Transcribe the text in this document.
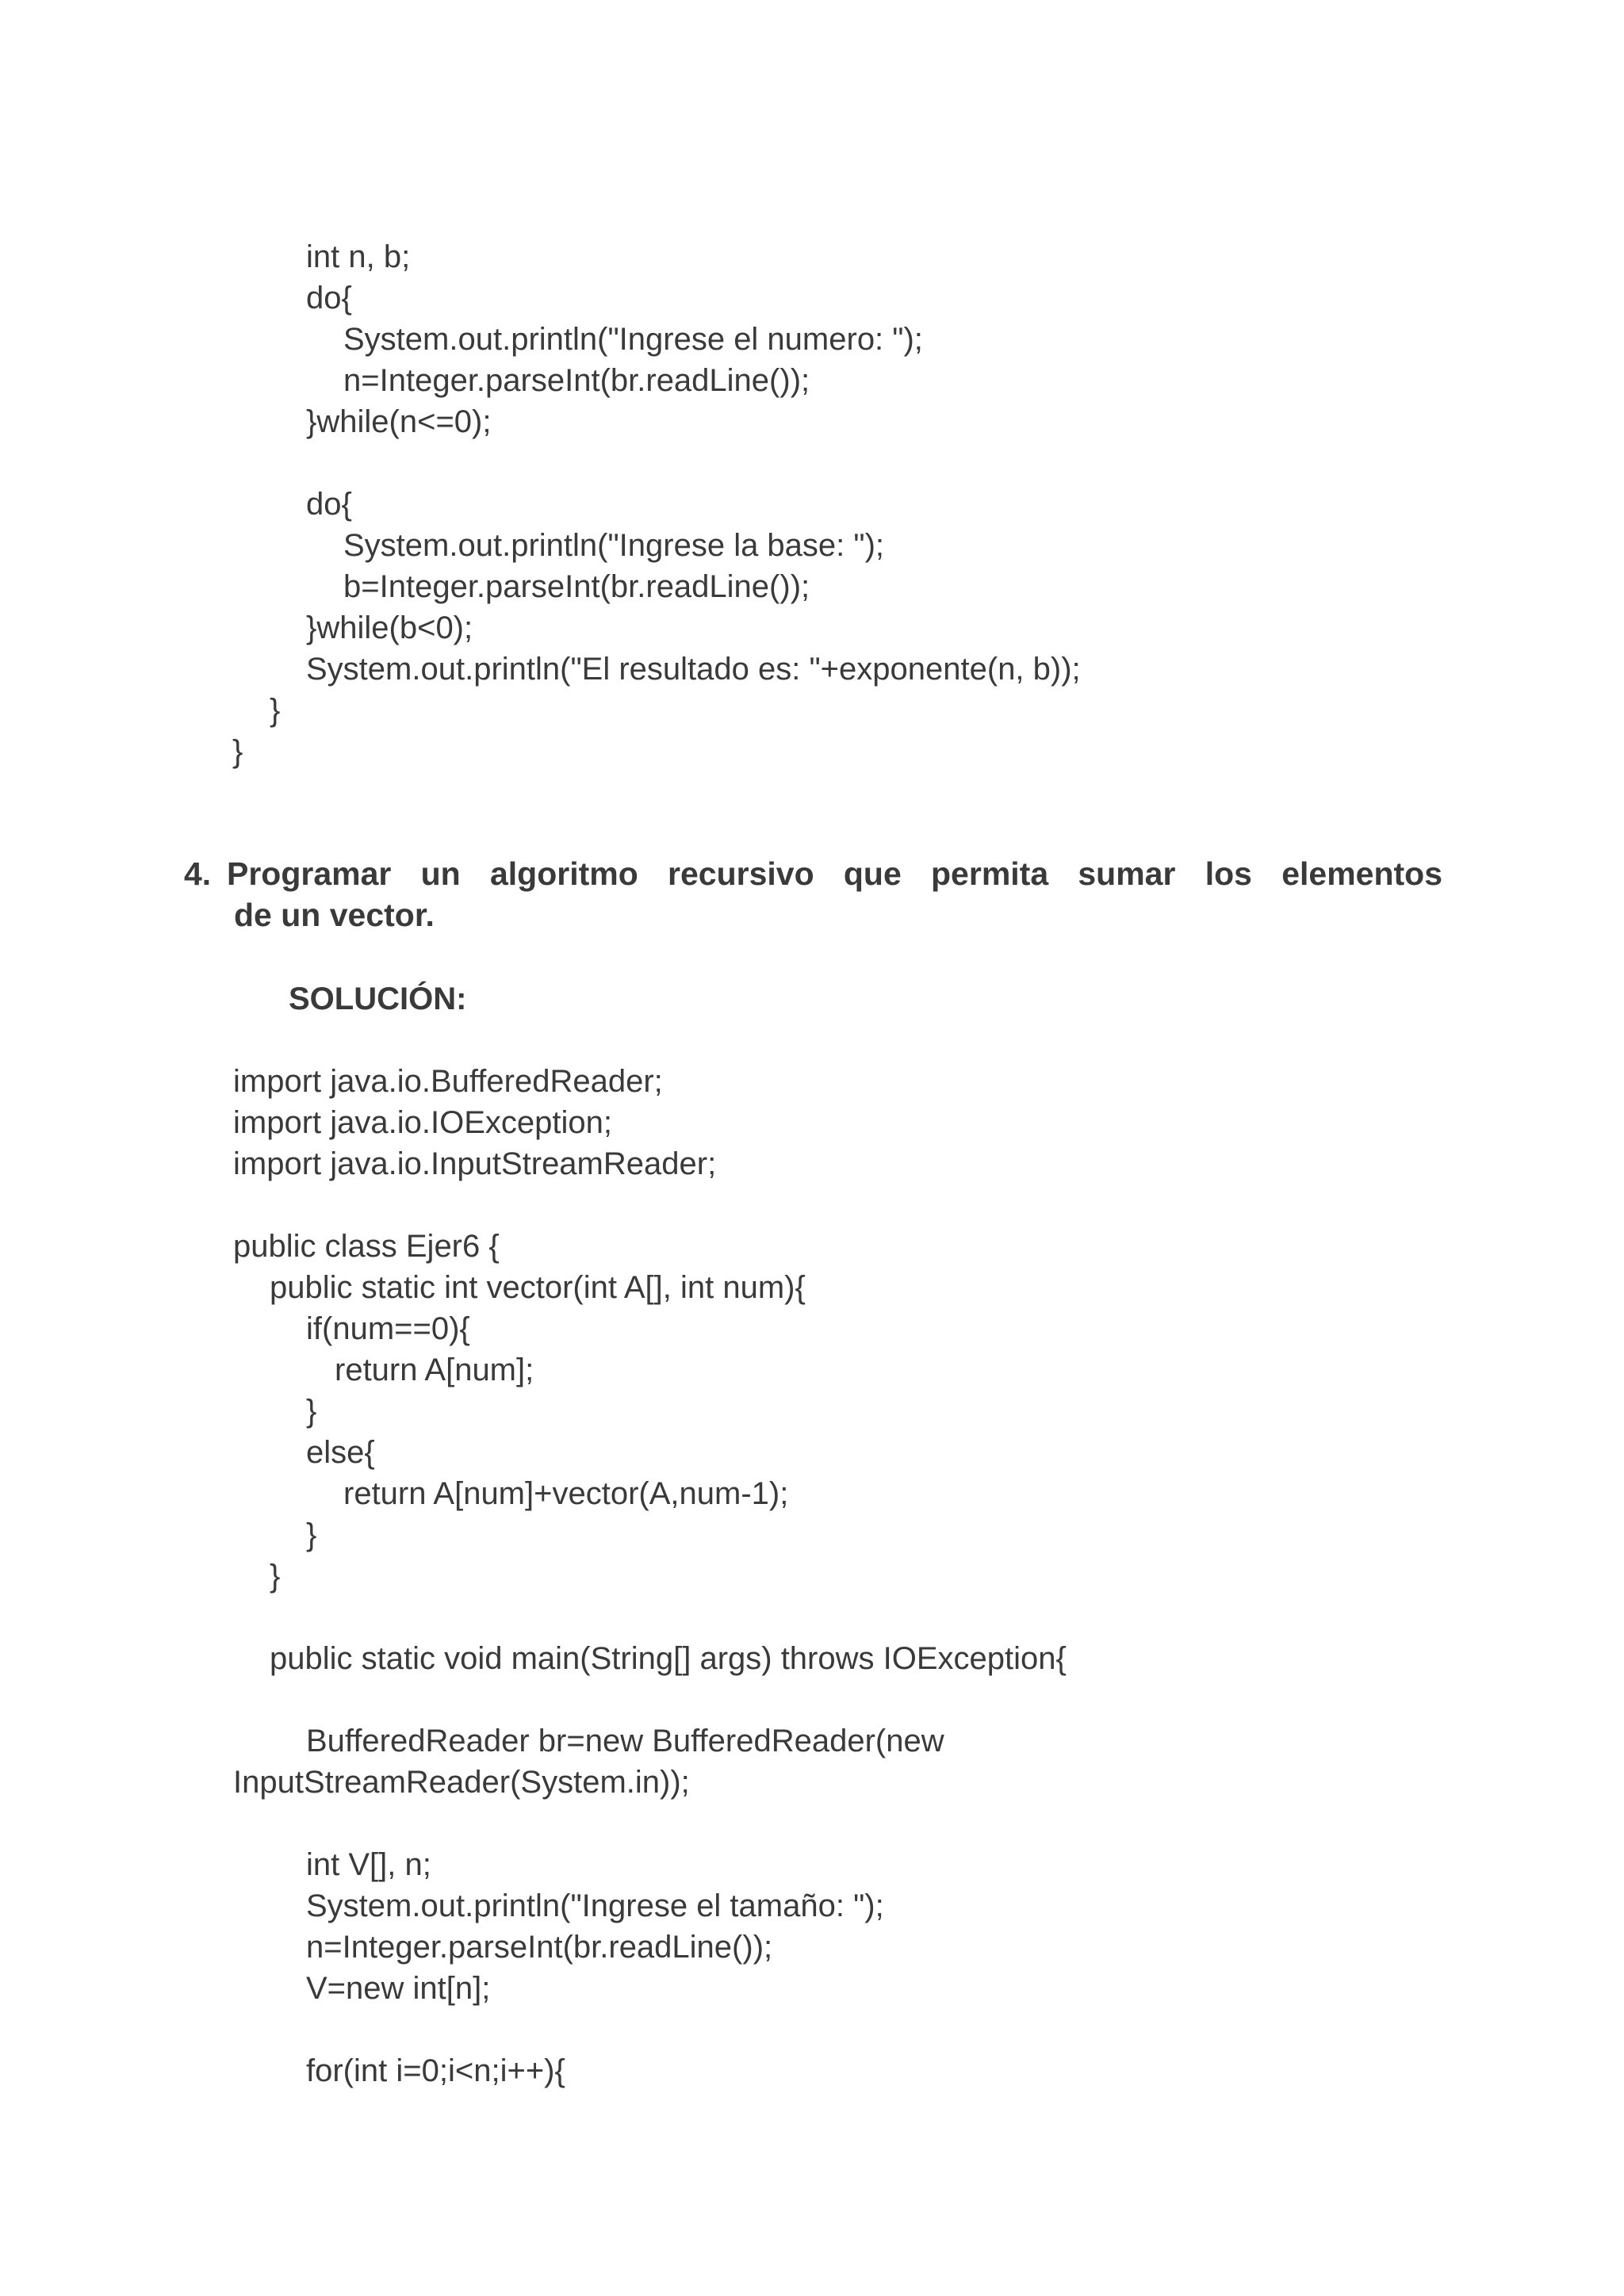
int n, b;
do{
System.out.println("Ingrese el numero: ");
n=Integer.parseInt(br.readLine());
}while(n<=0);
do{
System.out.println("Ingrese la base: ");
b=Integer.parseInt(br.readLine());
}while(b<0);
System.out.println("El resultado es: "+exponente(n, b));
}
}
4. Programar un algoritmo recursivo que permita sumar los elementos
de un vector.
SOLUCIÓN:
import java.io.BufferedReader;
import java.io.IOException;
import java.io.InputStreamReader;
public class Ejer6 {
public static int vector(int A[], int num){
if(num==0){
return A[num];
}
else{
return A[num]+vector(A,num-1);
}
}
public static void main(String[] args) throws IOException{
BufferedReader br=new BufferedReader(new
InputStreamReader(System.in));
int V[], n;
System.out.println("Ingrese el tamaño: ");
n=Integer.parseInt(br.readLine());
V=new int[n];
for(int i=0;i<n;i++){
